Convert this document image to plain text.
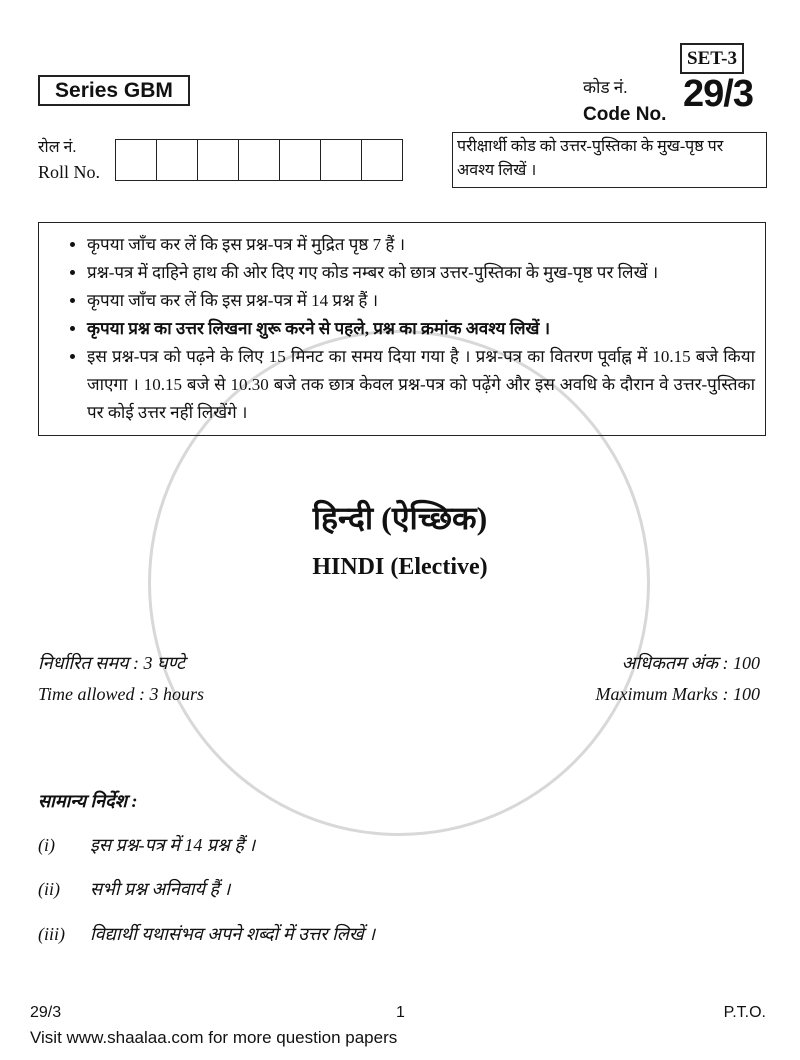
SET-3
Series GBM	कोड नं. 29/3
Code No.
रोल नं.
Roll No.
परीक्षार्थी कोड को उत्तर-पुस्तिका के मुख-पृष्ठ पर अवश्य लिखें ।
• कृपया जाँच कर लें कि इस प्रश्न-पत्र में मुद्रित पृष्ठ 7 हैं ।
• प्रश्न-पत्र में दाहिने हाथ की ओर दिए गए कोड नम्बर को छात्र उत्तर-पुस्तिका के मुख-पृष्ठ पर लिखें ।
• कृपया जाँच कर लें कि इस प्रश्न-पत्र में 14 प्रश्न हैं ।
• कृपया प्रश्न का उत्तर लिखना शुरू करने से पहले, प्रश्न का क्रमांक अवश्य लिखें ।
• इस प्रश्न-पत्र को पढ़ने के लिए 15 मिनट का समय दिया गया है । प्रश्न-पत्र का वितरण पूर्वाह्न में 10.15 बजे किया जाएगा । 10.15 बजे से 10.30 बजे तक छात्र केवल प्रश्न-पत्र को पढ़ेंगे और इस अवधि के दौरान वे उत्तर-पुस्तिका पर कोई उत्तर नहीं लिखेंगे ।
हिन्दी (ऐच्छिक)
HINDI (Elective)
निर्धारित समय : 3 घण्टे
Time allowed : 3 hours
अधिकतम अंक : 100
Maximum Marks : 100
सामान्य निर्देश :
(i) इस प्रश्न-पत्र में 14 प्रश्न हैं ।
(ii) सभी प्रश्न अनिवार्य हैं ।
(iii) विद्यार्थी यथासंभव अपने शब्दों में उत्तर लिखें ।
29/3	1	P.T.O.
Visit www.shaalaa.com for more question papers
